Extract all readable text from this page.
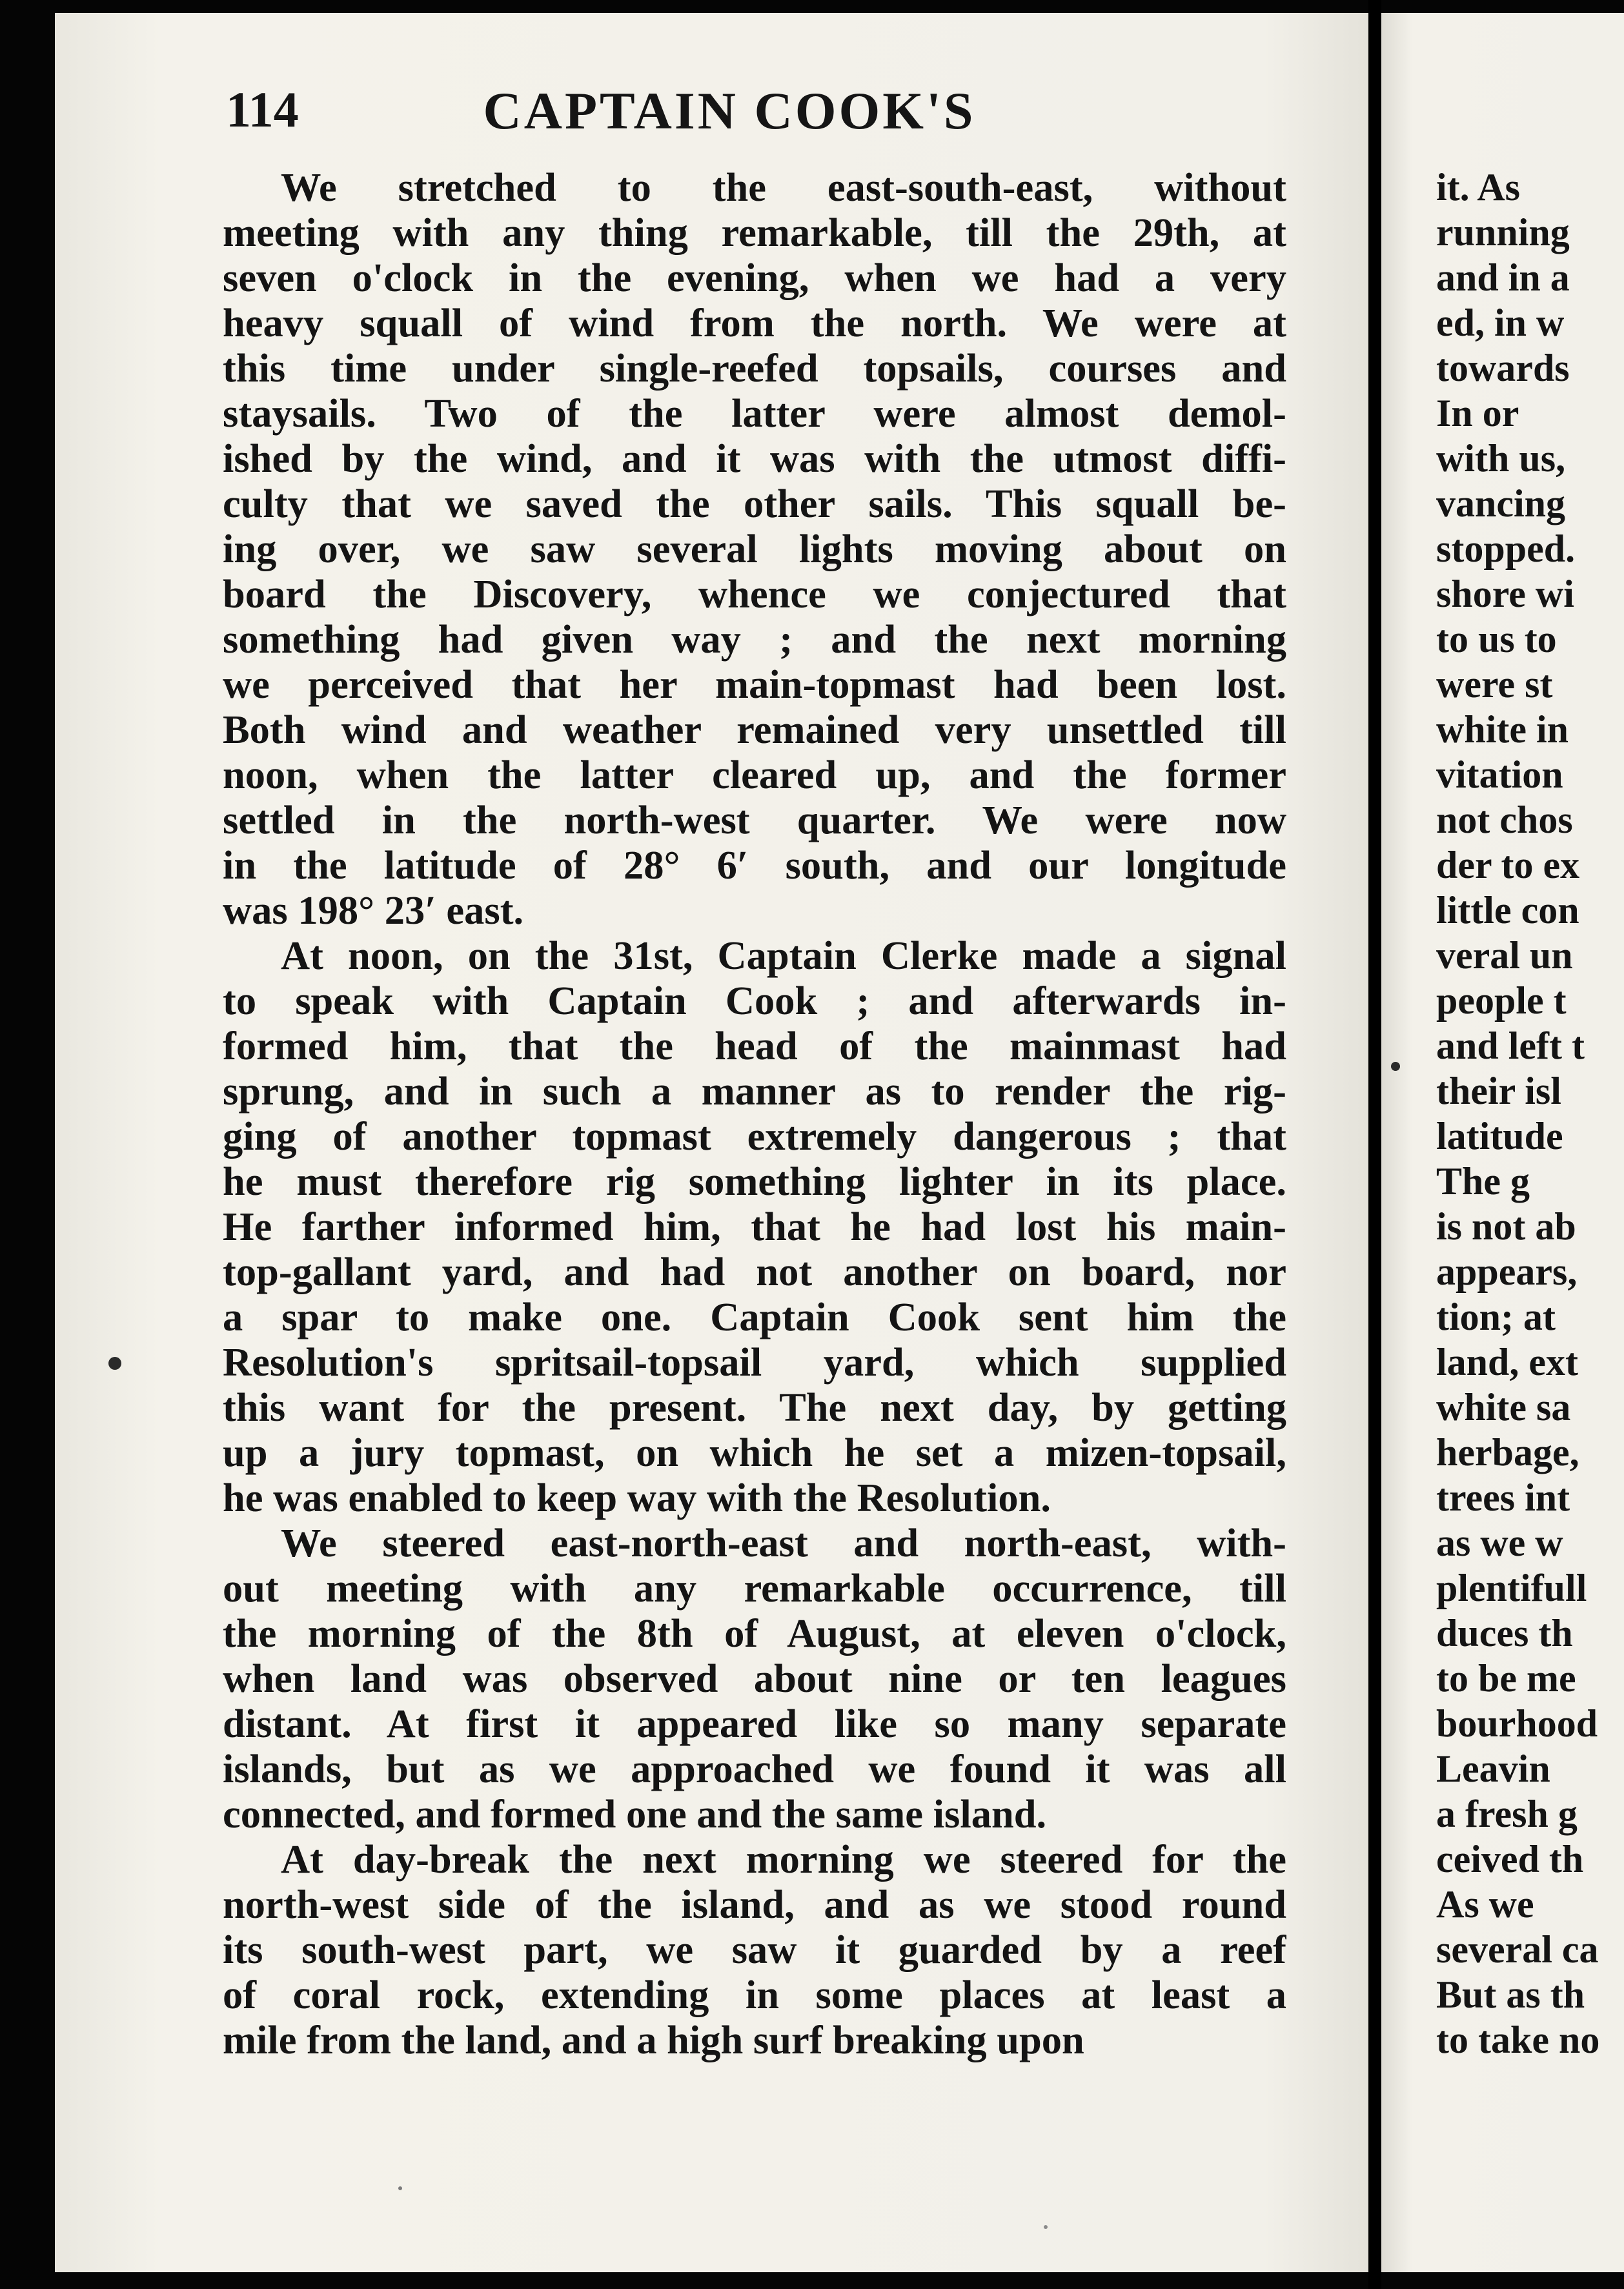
114	CAPTAIN COOK'S
We stretched to the east-south-east, without
meeting with any thing remarkable, till the 29th, at
seven o'clock in the evening, when we had a very
heavy squall of wind from the north. We were at
this time under single-reefed topsails, courses and
staysails. Two of the latter were almost demol-
ished by the wind, and it was with the utmost diffi-
culty that we saved the other sails. This squall be-
ing over, we saw several lights moving about on
board the Discovery, whence we conjectured that
something had given way ; and the next morning
we perceived that her main-topmast had been lost.
Both wind and weather remained very unsettled till
noon, when the latter cleared up, and the former
settled in the north-west quarter. We were now
in the latitude of 28° 6′ south, and our longitude
was 198° 23′ east.
At noon, on the 31st, Captain Clerke made a signal
to speak with Captain Cook ; and afterwards in-
formed him, that the head of the mainmast had
sprung, and in such a manner as to render the rig-
ging of another topmast extremely dangerous ; that
he must therefore rig something lighter in its place.
He farther informed him, that he had lost his main-
top-gallant yard, and had not another on board, nor
a spar to make one. Captain Cook sent him the
Resolution's spritsail-topsail yard, which supplied
this want for the present. The next day, by getting
up a jury topmast, on which he set a mizen-topsail,
he was enabled to keep way with the Resolution.
We steered east-north-east and north-east, with-
out meeting with any remarkable occurrence, till
the morning of the 8th of August, at eleven o'clock,
when land was observed about nine or ten leagues
distant. At first it appeared like so many separate
islands, but as we approached we found it was all
connected, and formed one and the same island.
At day-break the next morning we steered for the
north-west side of the island, and as we stood round
its south-west part, we saw it guarded by a reef
of coral rock, extending in some places at least a
mile from the land, and a high surf breaking upon
it. As
running
and in a
ed, in w
towards
In or
with us,
vancing
stopped.
shore wi
to us to
were st
white in
vitation
not chos
der to ex
little con
veral un
people t
and left t
their isl
latitude
The g
is not ab
appears,
tion; at
land, ext
white sa
herbage,
trees int
as we w
plentifull
duces th
to be me
bourhood
Leavin
a fresh g
ceived th
As we
several ca
But as th
to take no
